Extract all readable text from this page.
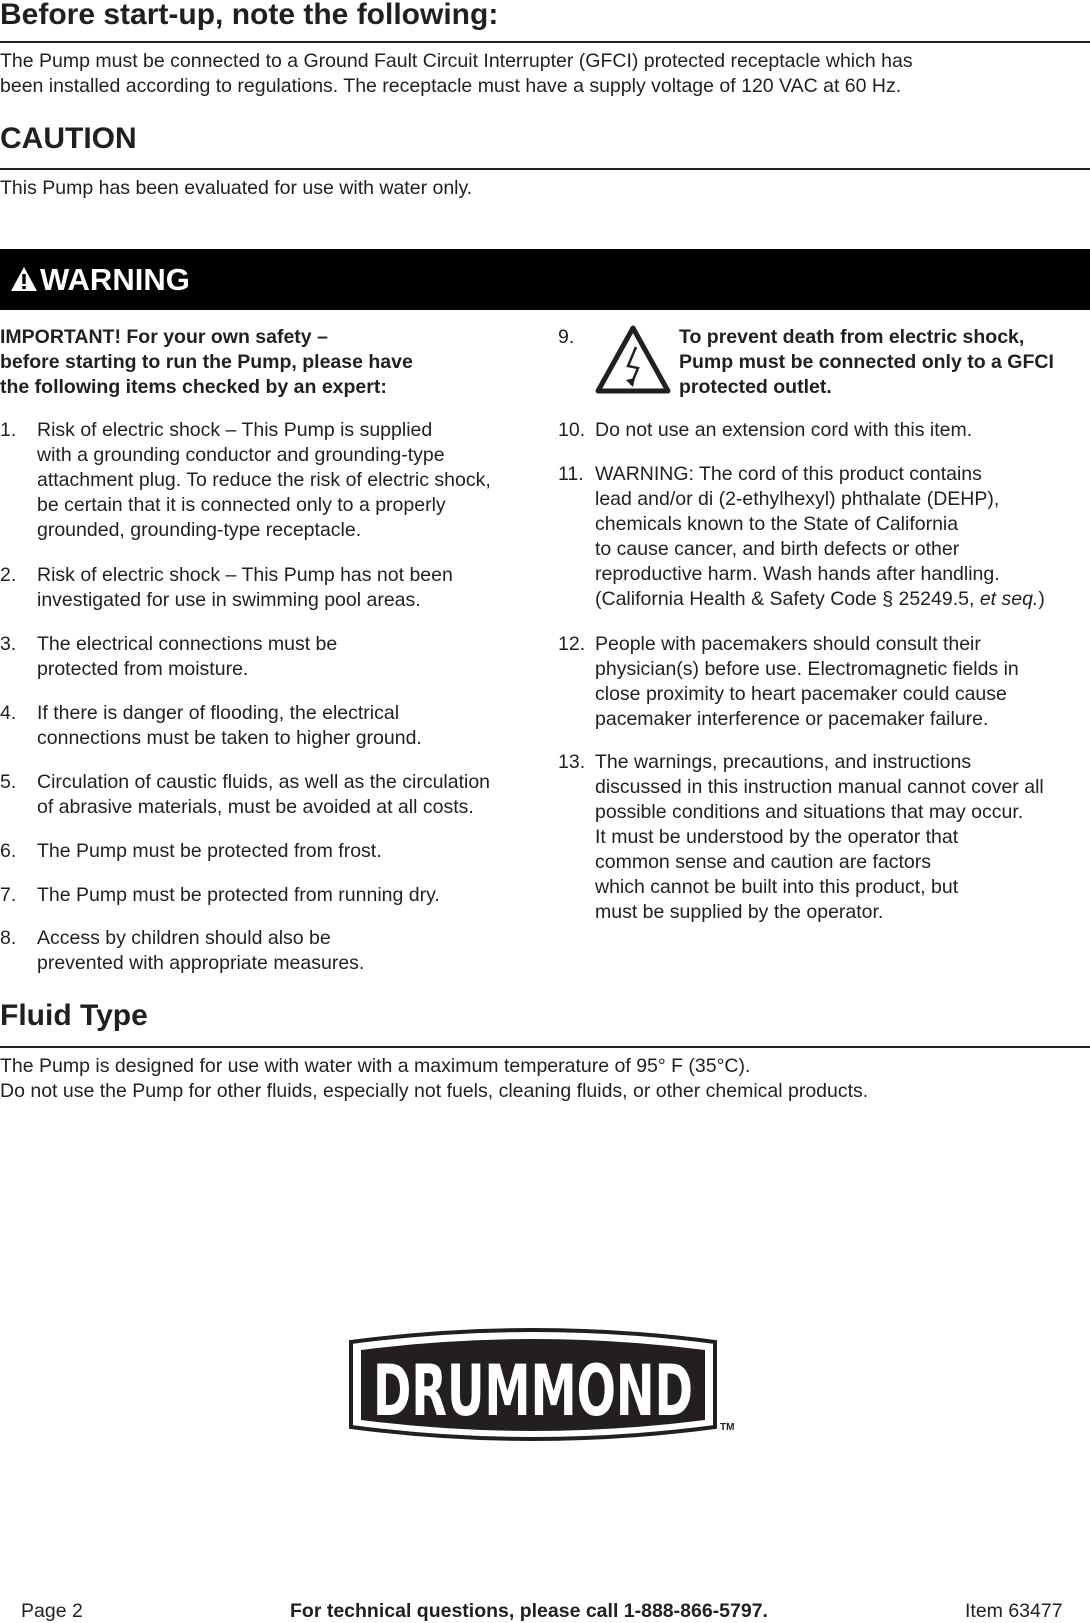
Before start-up, note the following:

The Pump must be connected to a Ground Fault Circuit Interrupter (GFCI) protected receptacle which has

been installed according to regulations. The receptacle must have a supply voltage of 120 VAC at 60 Hz.

CAUTION

This Pump has been evaluated for use with water only.

WARNING
IMPORTANT! For your own safety –
before starting to run the Pump, please have
the following items checked by an expert:
1. Risk of electric shock – This Pump is supplied
with a grounding conductor and grounding-type
attachment plug. To reduce the risk of electric shock,
be certain that it is connected only to a properly
grounded, grounding-type receptacle.
2. Risk of electric shock – This Pump has not been
investigated for use in swimming pool areas.
3. The electrical connections must be
protected from moisture.
4. If there is danger of flooding, the electrical
connections must be taken to higher ground.
5. Circulation of caustic fluids, as well as the circulation
of abrasive materials, must be avoided at all costs.
6. The Pump must be protected from frost.
7. The Pump must be protected from running dry.
8. Access by children should also be
prevented with appropriate measures.
9.	To prevent death from electric shock,
Pump must be connected only to a GFCI
protected outlet.
10. Do not use an extension cord with this item.
11. WARNING: The cord of this product contains
lead and/or di (2-ethylhexyl) phthalate (DEHP),
chemicals known to the State of California
to cause cancer, and birth defects or other
reproductive harm. Wash hands after handling.
(California Health & Safety Code § 25249.5, et seq.)
12. People with pacemakers should consult their
physician(s) before use. Electromagnetic fields in
close proximity to heart pacemaker could cause
pacemaker interference or pacemaker failure.
13. The warnings, precautions, and instructions
discussed in this instruction manual cannot cover all
possible conditions and situations that may occur.
It must be understood by the operator that
common sense and caution are factors
which cannot be built into this product, but
must be supplied by the operator.
Fluid Type

The Pump is designed for use with water with a maximum temperature of 95° F (35°C).

Do not use the Pump for other fluids, especially not fuels, cleaning fluids, or other chemical products.

DRUMMOND	TM
Page 2	For technical questions, please call 1-888-866-5797.	Item 63477
